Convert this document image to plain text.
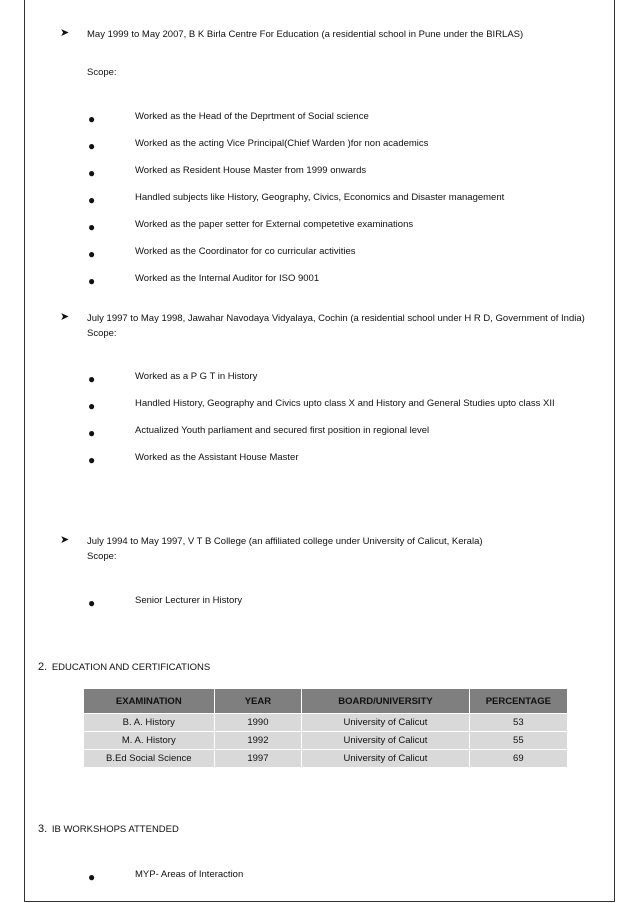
➤ May 1999 to May 2007, B K Birla Centre For Education (a residential school in Pune under the BIRLAS)
Scope:
●	Worked as the Head of the Deprtment of Social science
●	Worked as the acting Vice Principal(Chief Warden )for non academics
●	Worked as Resident House Master from 1999 onwards
●	Handled subjects like History, Geography, Civics, Economics and Disaster management
●	Worked as the paper setter for External competetive examinations
●	Worked as the Coordinator for co curricular activities
●	Worked as the Internal Auditor for ISO 9001
➤ July 1997 to May 1998, Jawahar Navodaya Vidyalaya, Cochin (a residential school under H R D, Government of India)
Scope:
●	Worked as a P G T in History
●	Handled History, Geography and Civics upto class X and History and General Studies upto class XII
●	Actualized Youth parliament and secured first position in regional level
●	Worked as the Assistant House Master
➤ July 1994 to May 1997, V T B College (an affiliated college under University of Calicut, Kerala)
Scope:
●	Senior Lecturer in History
2. EDUCATION AND CERTIFICATIONS
EXAMINATION	YEAR	BOARD/UNIVERSITY	PERCENTAGE
B. A. History	1990	University of Calicut	53
M. A. History	1992	University of Calicut	55
B.Ed Social Science	1997	University of Calicut	69
3. IB WORKSHOPS ATTENDED
●	MYP- Areas of Interaction
